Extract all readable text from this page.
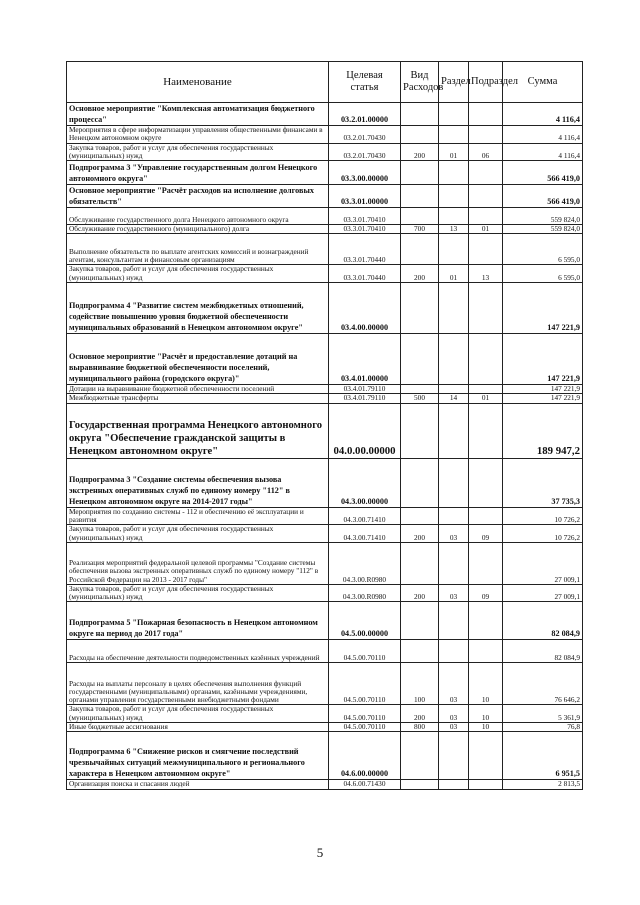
Наименование	Целевая статья	Вид Расходов	Раздел	Подраздел	Сумма
Основное мероприятие "Комплексная автоматизация бюджетного процесса"	03.2.01.00000				4 116,4
Мероприятия в сфере информатизации управления общественными финансами в Ненецком автономном округе	03.2.01.70430				4 116,4
Закупка товаров, работ и услуг для обеспечения государственных (муниципальных) нужд	03.2.01.70430	200	01	06	4 116,4
Подпрограмма 3 "Управление государственным долгом Ненецкого автономного округа"	03.3.00.00000				566 419,0
Основное мероприятие "Расчёт расходов на исполнение долговых обязательств"	03.3.01.00000				566 419,0
Обслуживание государственного долга Ненецкого автономного округа	03.3.01.70410				559 824,0
Обслуживание государственного (муниципального) долга	03.3.01.70410	700	13	01	559 824,0
Выполнение обязательств по выплате агентских комиссий и вознаграждений агентам, консультантам и финансовым организациям	03.3.01.70440				6 595,0
Закупка товаров, работ и услуг для обеспечения государственных (муниципальных) нужд	03.3.01.70440	200	01	13	6 595,0
Подпрограмма 4 "Развитие систем межбюджетных отношений, содействие повышению уровня бюджетной обеспеченности муниципальных образований в Ненецком автономном округе"	03.4.00.00000				147 221,9
Основное мероприятие "Расчёт и предоставление дотаций на выравнивание бюджетной обеспеченности поселений, муниципального района (городского округа)"	03.4.01.00000				147 221,9
Дотации на выравнивание бюджетной обеспеченности поселений	03.4.01.79110				147 221,9
Межбюджетные трансферты	03.4.01.79110	500	14	01	147 221,9
Государственная программа Ненецкого автономного округа "Обеспечение гражданской защиты в Ненецком автономном округе"	04.0.00.00000				189 947,2
Подпрограмма 3 "Создание системы обеспечения вызова экстренных оперативных служб по единому номеру "112" в Ненецком автономном округе на 2014-2017 годы"	04.3.00.00000				37 735,3
Мероприятия по созданию системы - 112 и обеспечению её эксплуатации и развития	04.3.00.71410				10 726,2
Закупка товаров, работ и услуг для обеспечения государственных (муниципальных) нужд	04.3.00.71410	200	03	09	10 726,2
Реализация мероприятий федеральной целевой программы "Создание системы обеспечения вызова экстренных оперативных служб по единому номеру "112" в Российской Федерации на 2013 - 2017 годы"	04.3.00.R0980				27 009,1
Закупка товаров, работ и услуг для обеспечения государственных (муниципальных) нужд	04.3.00.R0980	200	03	09	27 009,1
Подпрограмма 5 "Пожарная безопасность в Ненецком автономном округе на период до 2017 года"	04.5.00.00000				82 084,9
Расходы на обеспечение деятельности подведомственных казённых учреждений	04.5.00.70110				82 084,9
Расходы на выплаты персоналу в целях обеспечения выполнения функций государственными (муниципальными) органами, казёнными учреждениями, органами управления государственными внебюджетными фондами	04.5.00.70110	100	03	10	76 646,2
Закупка товаров, работ и услуг для обеспечения государственных (муниципальных) нужд	04.5.00.70110	200	03	10	5 361,9
Иные бюджетные ассигнования	04.5.00.70110	800	03	10	76,8
Подпрограмма 6 "Снижение рисков и смягчение последствий чрезвычайных ситуаций межмуниципального и регионального характера в Ненецком автономном округе"	04.6.00.00000				6 951,5
Организация поиска и спасания людей	04.6.00.71430				2 813,5
5
